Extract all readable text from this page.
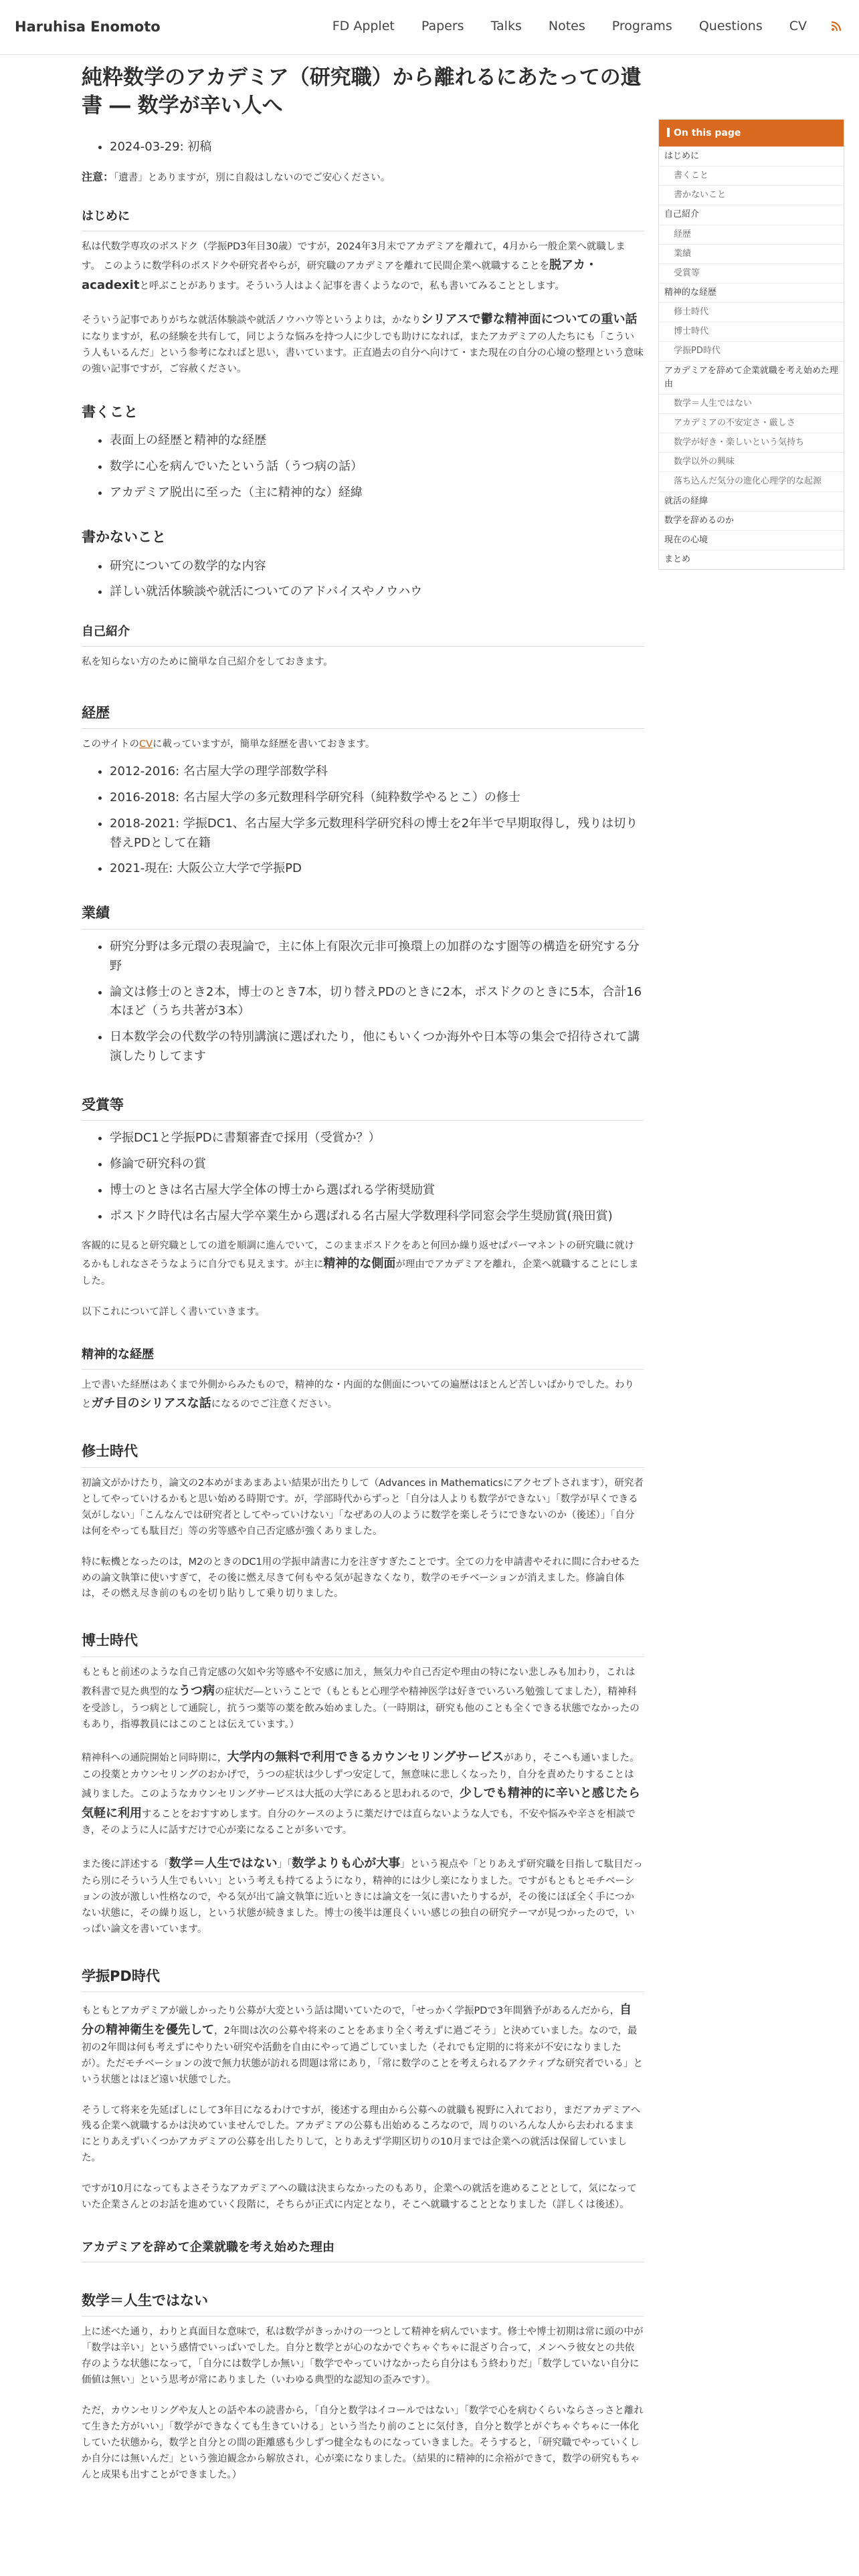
Haruhisa Enomoto	FD Applet Papers Talks Notes Programs Questions CV
純粋数学のアカデミア（研究職）から離れるにあたっての遺書 ― 数学が辛い人へ
• 2024-03-29: 初稿

注意：「遺書」とありますが，別に自殺はしないのでご安心ください。

はじめに

私は代数学専攻のポスドク（学振PD3年目30歳）ですが，2024年3月末でアカデミアを離れて，4月から一般企業へ就職します。 このように数学科のポスドクや研究者やらが，研究職のアカデミアを離れて民間企業へ就職することを脱アカ・acadexitと呼ぶことがあります。そういう人はよく記事を書くようなので，私も書いてみることとします。

そういう記事でありがちな就活体験談や就活ノウハウ等というよりは，かなりシリアスで鬱な精神面についての重い話になりますが，私の経験を共有して，同じような悩みを持つ人に少しでも助けになれば，またアカデミアの人たちにも「こういう人もいるんだ」という参考になればと思い，書いています。正直過去の自分へ向けて・また現在の自分の心境の整理という意味の強い記事ですが，ご容赦ください。

書くこと
• 表面上の経歴と精神的な経歴
• 数学に心を病んでいたという話（うつ病の話）
• アカデミア脱出に至った（主に精神的な）経緯
書かないこと
• 研究についての数学的な内容
• 詳しい就活体験談や就活についてのアドバイスやノウハウ
自己紹介

私を知らない方のために簡単な自己紹介をしておきます。

経歴

このサイトのCVに載っていますが，簡単な経歴を書いておきます。

• 2012-2016: 名古屋大学の理学部数学科
• 2016-2018: 名古屋大学の多元数理科学研究科（純粋数学やるとこ）の修士
• 2018-2021: 学振DC1、名古屋大学多元数理科学研究科の博士を2年半で早期取得し，残りは切り替えPDとして在籍
• 2021-現在: 大阪公立大学で学振PD
業績
• 研究分野は多元環の表現論で，主に体上有限次元非可換環上の加群のなす圏等の構造を研究する分野
• 論文は修士のとき2本，博士のとき7本，切り替えPDのときに2本，ポスドクのときに5本，合計16本ほど（うち共著が3本）
• 日本数学会の代数学の特別講演に選ばれたり，他にもいくつか海外や日本等の集会で招待されて講演したりしてます
受賞等
• 学振DC1と学振PDに書類審査で採用（受賞か？）
• 修論で研究科の賞
• 博士のときは名古屋大学全体の博士から選ばれる学術奨励賞
• ポスドク時代は名古屋大学卒業生から選ばれる名古屋大学数理科学同窓会学生奨励賞(飛田賞)

客観的に見ると研究職としての道を順調に進んでいて，このままポスドクをあと何回か繰り返せばパーマネントの研究職に就けるかもしれなさそうなように自分でも見えます。が主に精神的な側面が理由でアカデミアを離れ，企業へ就職することにしました。

以下これについて詳しく書いていきます。

精神的な経歴

上で書いた経歴はあくまで外側からみたもので，精神的な・内面的な側面についての遍歴はほとんど苦しいばかりでした。わりとガチ目のシリアスな話になるのでご注意ください。

修士時代

初論文がかけたり，論文の2本めがまあまあよい結果が出たりして（Advances in Mathematicsにアクセプトされます），研究者としてやっていけるかもと思い始める時期です。が，学部時代からずっと「自分は人よりも数学ができない」「数学が早くできる気がしない」「こんなんでは研究者としてやっていけない」「なぜあの人のように数学を楽しそうにできないのか（後述）」「自分は何をやっても駄目だ」等の劣等感や自己否定感が強くありました。

特に転機となったのは，M2のときのDC1用の学振申請書に力を注ぎすぎたことです。全ての力を申請書やそれに間に合わせるための論文執筆に使いすぎて，その後に燃え尽きて何もやる気が起きなくなり，数学のモチベーションが消えました。修論自体は，その燃え尽き前のものを切り貼りして乗り切りました。

博士時代

もともと前述のような自己肯定感の欠如や劣等感や不安感に加え，無気力や自己否定や理由の特にない悲しみも加わり，これは教科書で見た典型的なうつ病の症状だ―ということで（もともと心理学や精神医学は好きでいろいろ勉強してました），精神科を受診し，うつ病として通院し，抗うつ薬等の薬を飲み始めました。（一時期は，研究も他のことも全くできる状態でなかったのもあり，指導教員にはこのことは伝えています。）

精神科への通院開始と同時期に，大学内の無料で利用できるカウンセリングサービスがあり，そこへも通いました。この投薬とカウンセリングのおかげで，うつの症状は少しずつ安定して，無意味に悲しくなったり，自分を責めたりすることは減りました。このようなカウンセリングサービスは大抵の大学にあると思われるので，少しでも精神的に辛いと感じたら気軽に利用することをおすすめします。自分のケースのように薬だけでは直らないような人でも，不安や悩みや辛さを相談でき，そのように人に話すだけで心が楽になることが多いです。

また後に詳述する「数学＝人生ではない」「数学よりも心が大事」という視点や「とりあえず研究職を目指して駄目だったら別にそういう人生でもいい」という考えも持てるようになり，精神的には少し楽になりました。ですがもともとモチベーションの波が激しい性格なので，やる気が出て論文執筆に近いときには論文を一気に書いたりするが，その後にほぼ全く手につかない状態に，その繰り返し，という状態が続きました。博士の後半は運良くいい感じの独自の研究テーマが見つかったので，いっぱい論文を書いています。

学振PD時代

もともとアカデミアが厳しかったり公募が大変という話は聞いていたので，「せっかく学振PDで3年間猶予があるんだから，自分の精神衛生を優先して，2年間は次の公募や将来のことをあまり全く考えずに過ごそう」と決めていました。なので，最初の2年間は何も考えずにやりたい研究や活動を自由にやって過ごしていました（それでも定期的に将来が不安になりましたが）。ただモチベーションの波で無力状態が訪れる問題は常にあり，「常に数学のことを考えられるアクティブな研究者でいる」という状態とはほど遠い状態でした。

そうして将来を先延ばしにして3年目になるわけですが，後述する理由から公募への就職も視野に入れており，まだアカデミアへ残る企業へ就職するかは決めていませんでした。アカデミアの公募も出始めるころなので，周りのいろんな人から去われるままにとりあえずいくつかアカデミアの公募を出したりして，とりあえず学期区切りの10月までは企業への就活は保留していました。

ですが10月になってもよさそうなアカデミアへの職は決まらなかったのもあり，企業への就活を進めることとして，気になっていた企業さんとのお話を進めていく段階に，そちらが正式に内定となり，そこへ就職することとなりました（詳しくは後述）。

アカデミアを辞めて企業就職を考え始めた理由
数学＝人生ではない

上に述べた通り，わりと真面目な意味で，私は数学がきっかけの一つとして精神を病んでいます。修士や博士初期は常に頭の中が「数学は辛い」という感情でいっぱいでした。自分と数学とが心のなかでぐちゃぐちゃに混ざり合って，メンヘラ彼女との共依存のような状態になって，「自分には数学しか無い」「数学でやっていけなかったら自分はもう終わりだ」「数学していない自分に価値は無い」という思考が常にありました（いわゆる典型的な認知の歪みです）。

ただ，カウンセリングや友人との話や本の読書から，「自分と数学はイコールではない」「数学で心を病むくらいならさっさと離れて生きた方がいい」「数学ができなくても生きていける」という当たり前のことに気付き，自分と数学とがぐちゃぐちゃに一体化していた状態から，数学と自分との間の距離感も少しずつ健全なものになっていきました。そうすると，「研究職でやっていくしか自分には無いんだ」という強迫観念から解放され，心が楽になりました。（結果的に精神的に余裕ができて，数学の研究もちゃんと成果も出すことができました。）

On this page
はじめに
書くこと
書かないこと
自己紹介
経歴
業績
受賞等
精神的な経歴
修士時代
博士時代
学振PD時代
アカデミアを辞めて企業就職を考え始めた理由
数学＝人生ではない
アカデミアの不安定さ・厳しさ
数学が好き・楽しいという気持ち
数学以外の興味
落ち込んだ気分の進化心理学的な起源
就活の経緯
数学を辞めるのか
現在の心境
まとめ
